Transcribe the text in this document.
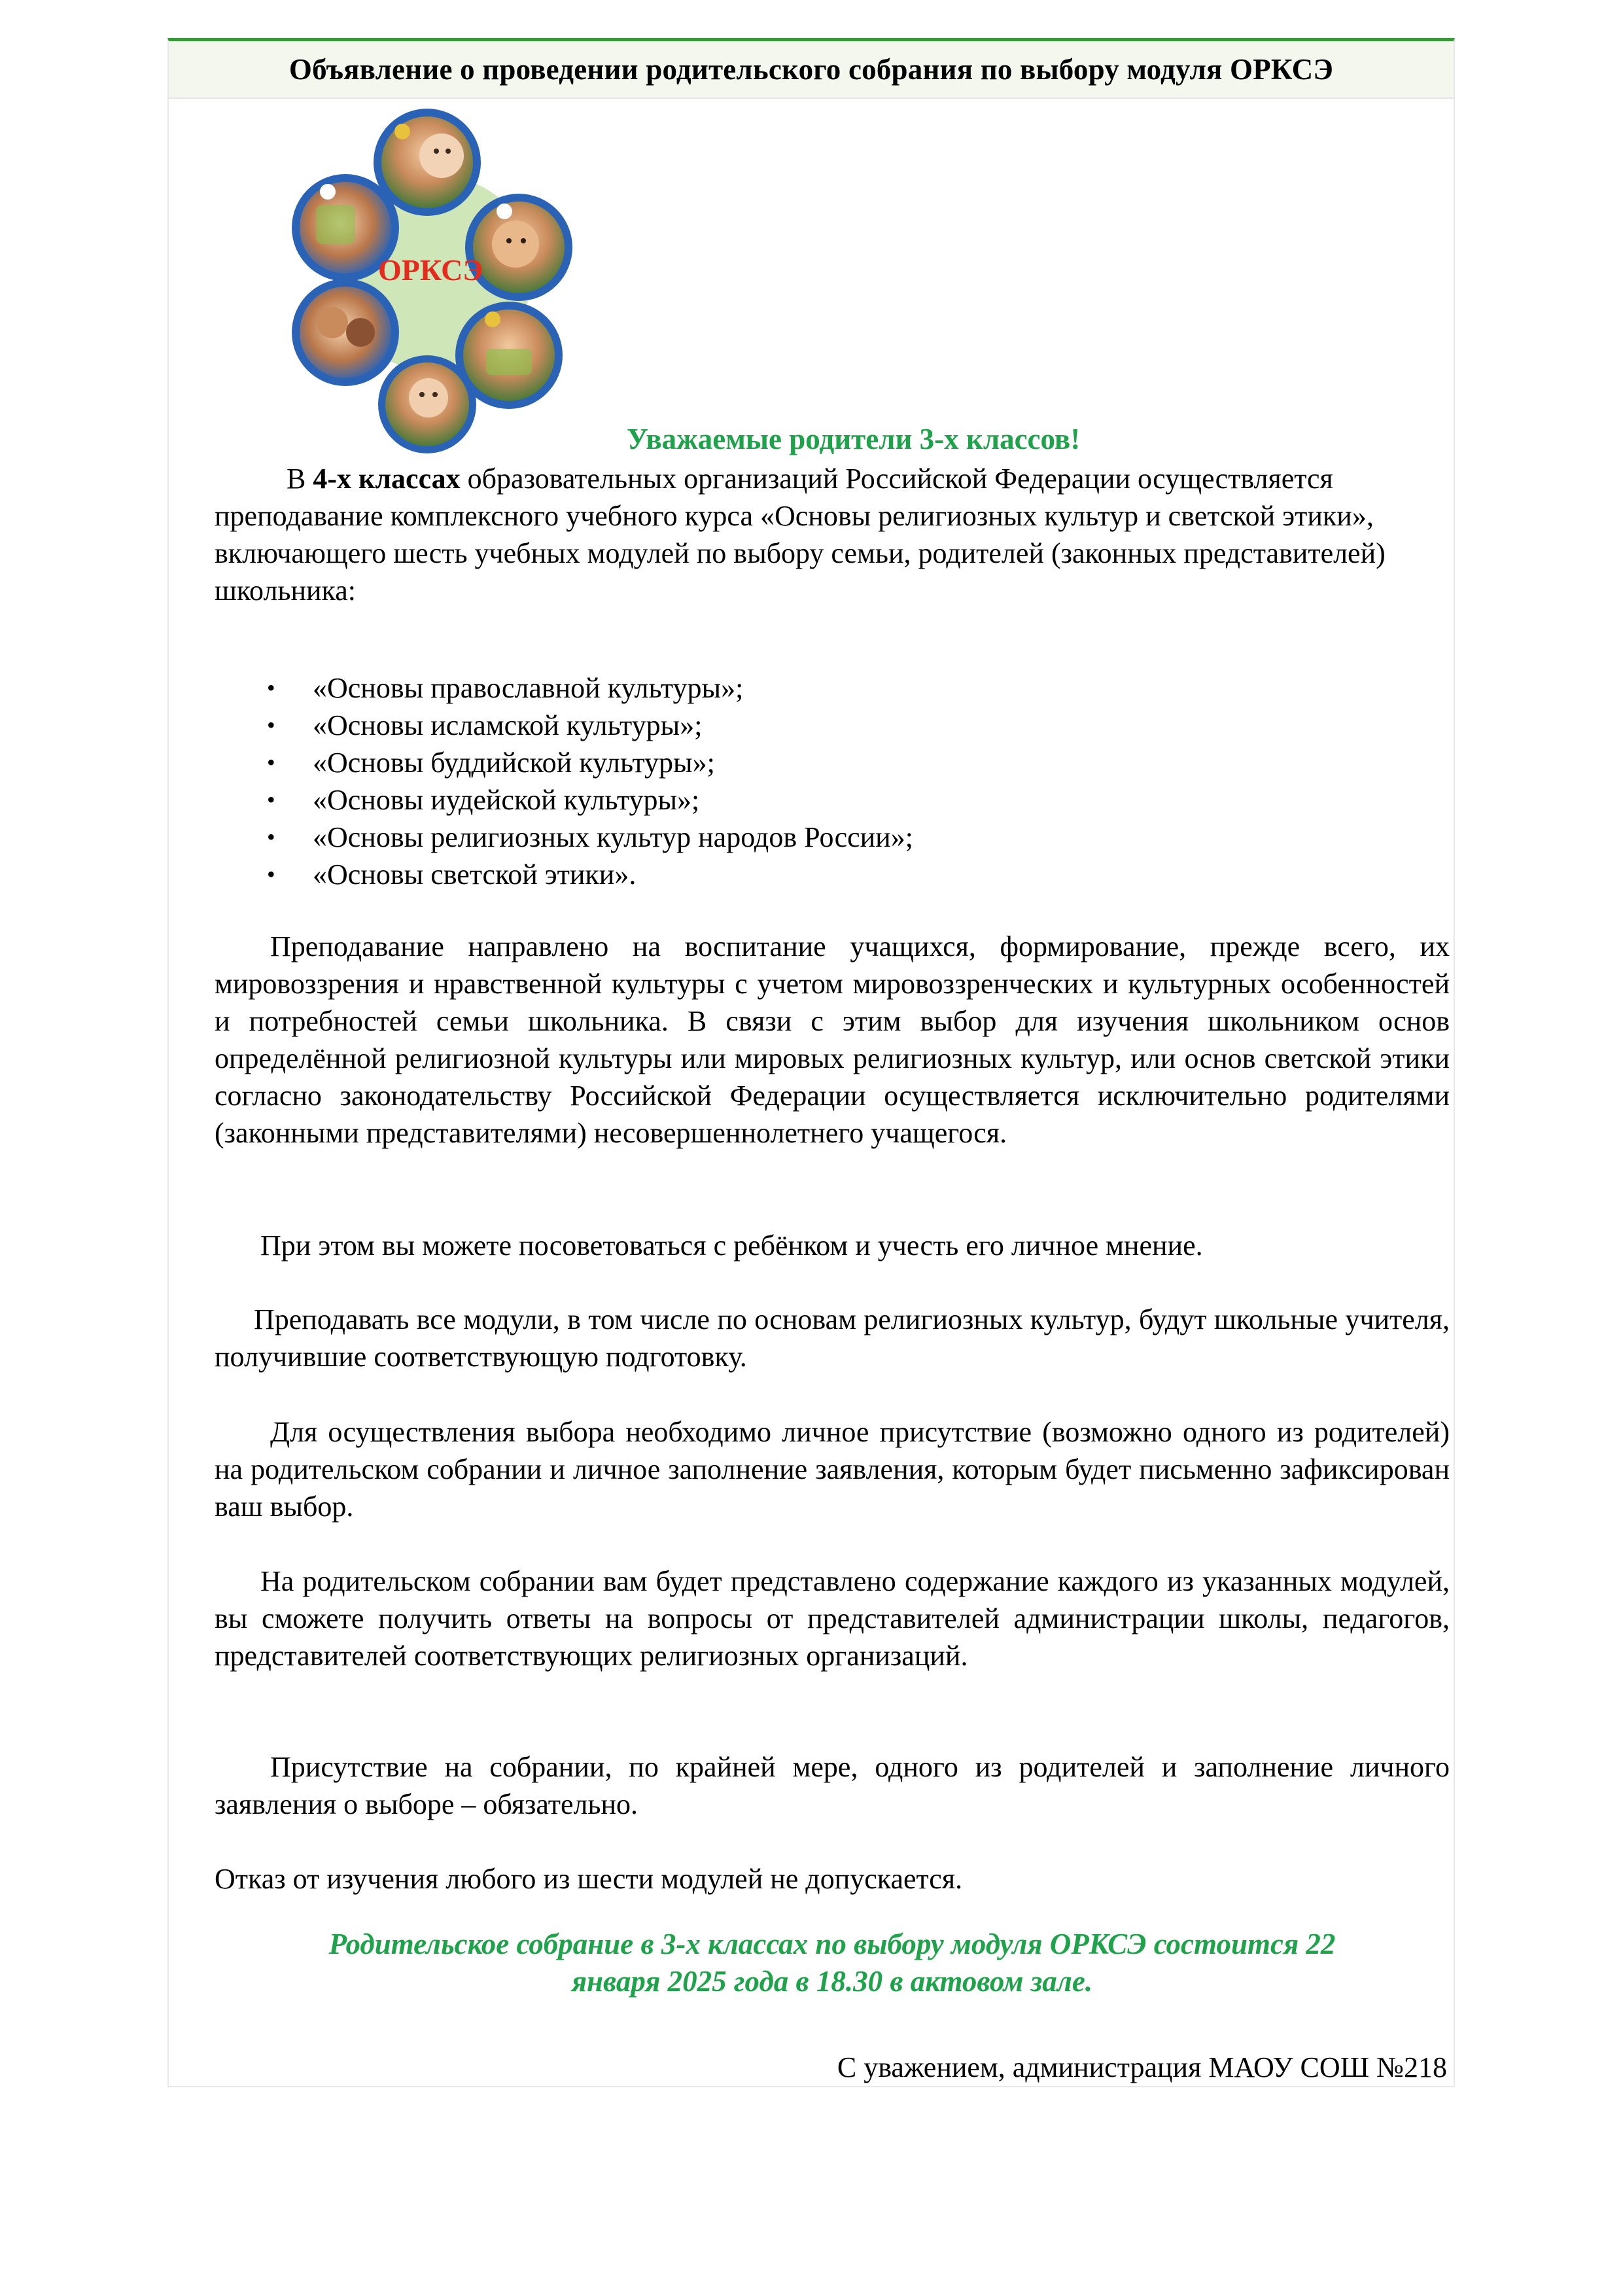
Объявление о проведении родительского собрания по выбору модуля ОРКСЭ
ОРКСЭ

Уважаемые родители 3-х классов!

В 4-х классах образовательных организаций Российской Федерации осуществляется преподавание комплексного учебного курса «Основы религиозных культур и светской этики», включающего шесть учебных модулей по выбору семьи, родителей (законных представителей) школьника:

• «Основы православной культуры»;
• «Основы исламской культуры»;
• «Основы буддийской культуры»;
• «Основы иудейской культуры»;
• «Основы религиозных культур народов России»;
• «Основы светской этики».

Преподавание направлено на воспитание учащихся, формирование, прежде всего, их мировоззрения и нравственной культуры с учетом мировоззренческих и культурных особенностей и потребностей семьи школьника. В связи с этим выбор для изучения школьником основ определённой религиозной культуры или мировых религиозных культур, или основ светской этики согласно законодательству Российской Федерации осуществляется исключительно родителями (законными представителями) несовершеннолетнего учащегося.

При этом вы можете посоветоваться с ребёнком и учесть его личное мнение.

Преподавать все модули, в том числе по основам религиозных культур, будут школьные учителя, получившие соответствующую подготовку.

Для осуществления выбора необходимо личное присутствие (возможно одного из родителей) на родительском собрании и личное заполнение заявления, которым будет письменно зафиксирован ваш выбор.

На родительском собрании вам будет представлено содержание каждого из указанных модулей, вы сможете получить ответы на вопросы от представителей администрации школы, педагогов, представителей соответствующих религиозных организаций.

Присутствие на собрании, по крайней мере, одного из родителей и заполнение личного заявления о выборе – обязательно.

Отказ от изучения любого из шести модулей не допускается.

Родительское собрание в 3-х классах по выбору модуля ОРКСЭ состоится 22
января 2025 года в 18.30 в актовом зале.

С уважением, администрация МАОУ СОШ №218
